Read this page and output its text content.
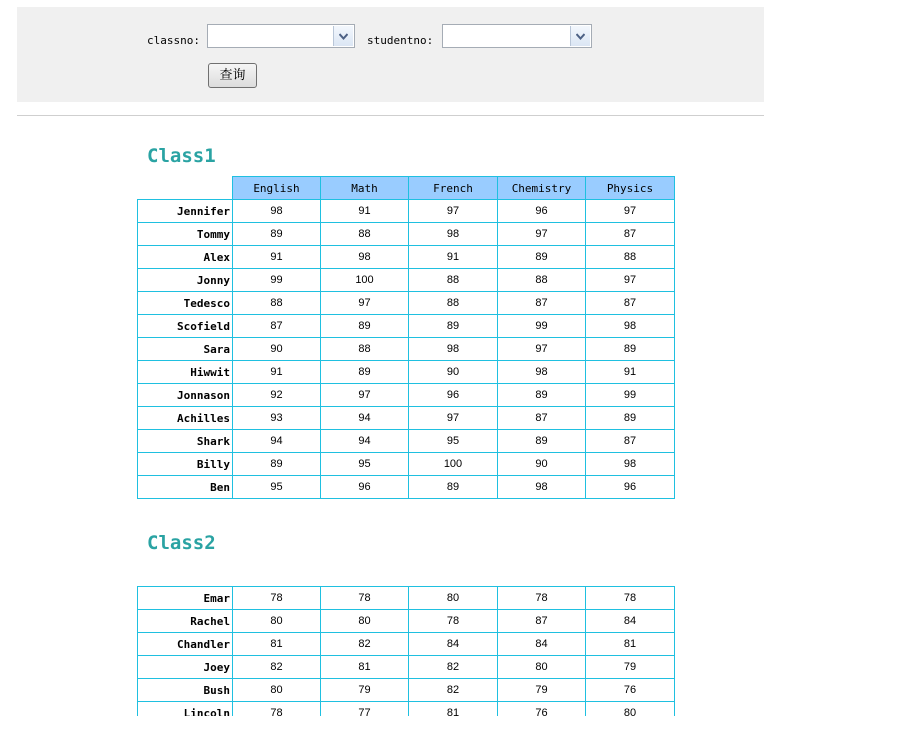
classno:	studentno:
查询
Class1
	English	Math	French	Chemistry	Physics
Jennifer	98	91	97	96	97
Tommy	89	88	98	97	87
Alex	91	98	91	89	88
Jonny	99	100	88	88	97
Tedesco	88	97	88	87	87
Scofield	87	89	89	99	98
Sara	90	88	98	97	89
Hiwwit	91	89	90	98	91
Jonnason	92	97	96	89	99
Achilles	93	94	97	87	89
Shark	94	94	95	89	87
Billy	89	95	100	90	98
Ben	95	96	89	98	96
Class2
Emar	78	78	80	78	78
Rachel	80	80	78	87	84
Chandler	81	82	84	84	81
Joey	82	81	82	80	79
Bush	80	79	82	79	76
Lincoln	78	77	81	76	80
